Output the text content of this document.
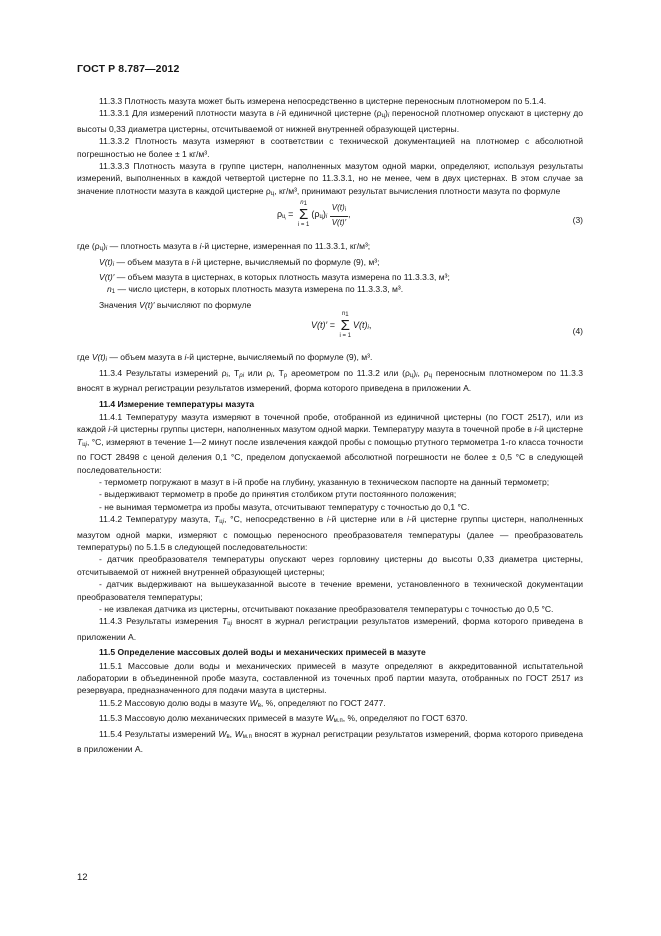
ГОСТ Р 8.787—2012

11.3.3 Плотность мазута может быть измерена непосредственно в цистерне переносным плотномером по 5.1.4.

11.3.3.1 Для измерений плотности мазута в i-й единичной цистерне $(\rho_ц)_i$ переносной плотномер опускают в цистерну до высоты 0,33 диаметра цистерны, отсчитываемой от нижней внутренней образующей цистерны.

11.3.3.2 Плотность мазута измеряют в соответствии с технической документацией на плотномер с абсолютной погрешностью не более ± 1 кг/м³.

11.3.3.3 Плотность мазута в группе цистерн, наполненных мазутом одной марки, определяют, используя результаты измерений, выполненных в каждой четвертой цистерне по 11.3.3.1, но не менее, чем в двух цистернах. В этом случае за значение плотности мазута в каждой цистерне $\rho_ц$, кг/м³, принимают результат вычисления плотности мазута по формуле

$\rho_ц$ =
$n_1$
Σ
i = 1
$(\rho_ц)_i \frac{V(t)_i}{V(t)'}$ ,
(3)

где $(\rho_ц)_i$ — плотность мазута в i-й цистерне, измеренная по 11.3.3.1, кг/м³;

$V(t)_i$ — объем мазута в i-й цистерне, вычисляемый по формуле (9), м³;

V(t)′ — объем мазута в цистернах, в которых плотность мазута измерена по 11.3.3.3, м³;

$n_1$ — число цистерн, в которых плотность мазута измерена по 11.3.3.3, м³.

Значения V(t)′ вычисляют по формуле

V(t)′ =
$n_1$
Σ
i = 1
$V(t)_i$,
(4)

где $V(t)_i$ — объем мазута в i-й цистерне, вычисляемый по формуле (9), м³.

11.3.4 Результаты измерений $\rho_i$, $T_{\rho i}$ или $\rho_i$, $T_\rho$ ареометром по 11.3.2 или $(\rho_ц)_i$, $\rho_ц$ переносным плотномером по 11.3.3 вносят в журнал регистрации результатов измерений, форма которого приведена в приложении А.

11.4 Измерение температуры мазута

11.4.1 Температуру мазута измеряют в точечной пробе, отобранной из единичной цистерны (по ГОСТ 2517), или из каждой i-й цистерны группы цистерн, наполненных мазутом одной марки. Температуру мазута в точечной пробе в i-й цистерне $T_{цi}$, °С, измеряют в течение 1—2 минут после извлечения каждой пробы с помощью ртутного термометра 1-го класса точности по ГОСТ 28498 с ценой деления 0,1 °С, пределом допускаемой абсолютной погрешности не более ± 0,5 °С в следующей последовательности:

- термометр погружают в мазут в i-й пробе на глубину, указанную в техническом паспорте на данный термометр;

- выдерживают термометр в пробе до принятия столбиком ртути постоянного положения;

- не вынимая термометра из пробы мазута, отсчитывают температуру с точностью до 0,1 °С.

11.4.2 Температуру мазута, $T_{цi}$, °С, непосредственно в i-й цистерне или в i-й цистерне группы цистерн, наполненных мазутом одной марки, измеряют с помощью переносного преобразователя температуры (далее — преобразователь температуры) по 5.1.5 в следующей последовательности:

- датчик преобразователя температуры опускают через горловину цистерны до высоты 0,33 диаметра цистерны, отсчитываемой от нижней внутренней образующей цистерны;

- датчик выдерживают на вышеуказанной высоте в течение времени, установленного в технической документации преобразователя температуры;

- не извлекая датчика из цистерны, отсчитывают показание преобразователя температуры с точностью до 0,5 °С.

11.4.3 Результаты измерения $T_{цi}$ вносят в журнал регистрации результатов измерений, форма которого приведена в приложении А.

11.5 Определение массовых долей воды и механических примесей в мазуте

11.5.1 Массовые доли воды и механических примесей в мазуте определяют в аккредитованной испытательной лаборатории в объединенной пробе мазута, составленной из точечных проб партии мазута, отобранных по ГОСТ 2517 из резервуара, предназначенного для подачи мазута в цистерны.

11.5.2 Массовую долю воды в мазуте $W_в$, %, определяют по ГОСТ 2477.

11.5.3 Массовую долю механических примесей в мазуте $W_{м.п}$, %, определяют по ГОСТ 6370.

11.5.4 Результаты измерений $W_в$, $W_{м.п}$ вносят в журнал регистрации результатов измерений, форма которого приведена в приложении А.

12
